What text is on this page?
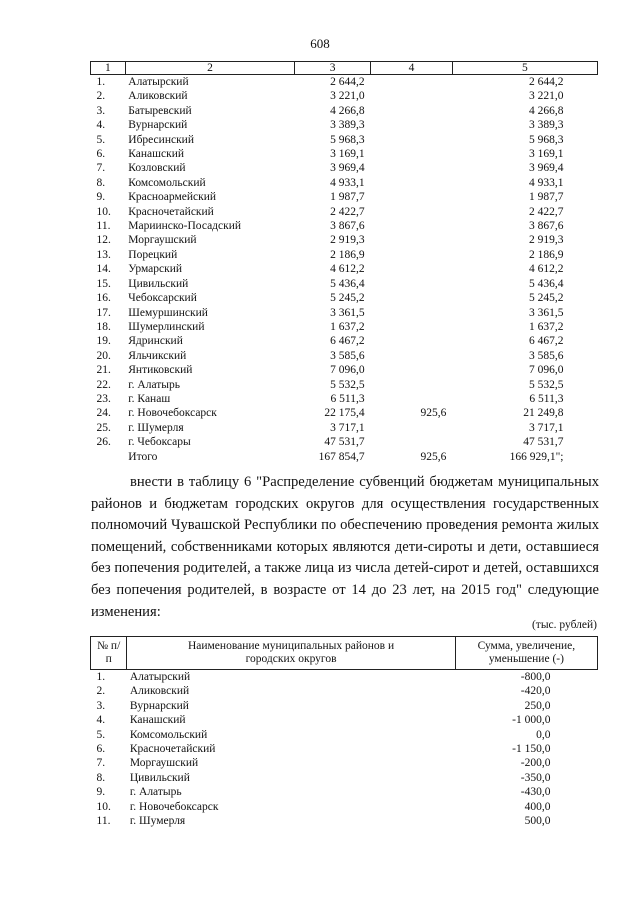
608
1	2	3	4	5
1.	Алатырский	2 644,2		2 644,2
2.	Аликовский	3 221,0		3 221,0
3.	Батыревский	4 266,8		4 266,8
4.	Вурнарский	3 389,3		3 389,3
5.	Ибресинский	5 968,3		5 968,3
6.	Канашский	3 169,1		3 169,1
7.	Козловский	3 969,4		3 969,4
8.	Комсомольский	4 933,1		4 933,1
9.	Красноармейский	1 987,7		1 987,7
10.	Красночетайский	2 422,7		2 422,7
11.	Мариинско-Посадский	3 867,6		3 867,6
12.	Моргаушский	2 919,3		2 919,3
13.	Порецкий	2 186,9		2 186,9
14.	Урмарский	4 612,2		4 612,2
15.	Цивильский	5 436,4		5 436,4
16.	Чебоксарский	5 245,2		5 245,2
17.	Шемуршинский	3 361,5		3 361,5
18.	Шумерлинский	1 637,2		1 637,2
19.	Ядринский	6 467,2		6 467,2
20.	Яльчикский	3 585,6		3 585,6
21.	Янтиковский	7 096,0		7 096,0
22.	г. Алатырь	5 532,5		5 532,5
23.	г. Канаш	6 511,3		6 511,3
24.	г. Новочебоксарск	22 175,4	925,6	21 249,8
25.	г. Шумерля	3 717,1		3 717,1
26.	г. Чебоксары	47 531,7		47 531,7
	Итого	167 854,7	925,6	166 929,1";
внести в таблицу 6 "Распределение субвенций бюджетам муниципальных районов и бюджетам городских округов для осуществления государственных полномочий Чувашской Республики по обеспечению проведения ремонта жилых помещений, собственниками которых являются дети-сироты и дети, оставшиеся без попечения родителей, а также лица из числа детей-сирот и детей, оставшихся без попечения родителей, в возрасте от 14 до 23 лет, на 2015 год" следующие изменения:
(тыс. рублей)
№ п/п	Наименование муниципальных районов и городских округов	Сумма, увеличение, уменьшение (-)
1.	Алатырский	-800,0
2.	Аликовский	-420,0
3.	Вурнарский	250,0
4.	Канашский	-1 000,0
5.	Комсомольский	0,0
6.	Красночетайский	-1 150,0
7.	Моргаушский	-200,0
8.	Цивильский	-350,0
9.	г. Алатырь	-430,0
10.	г. Новочебоксарск	400,0
11.	г. Шумерля	500,0
